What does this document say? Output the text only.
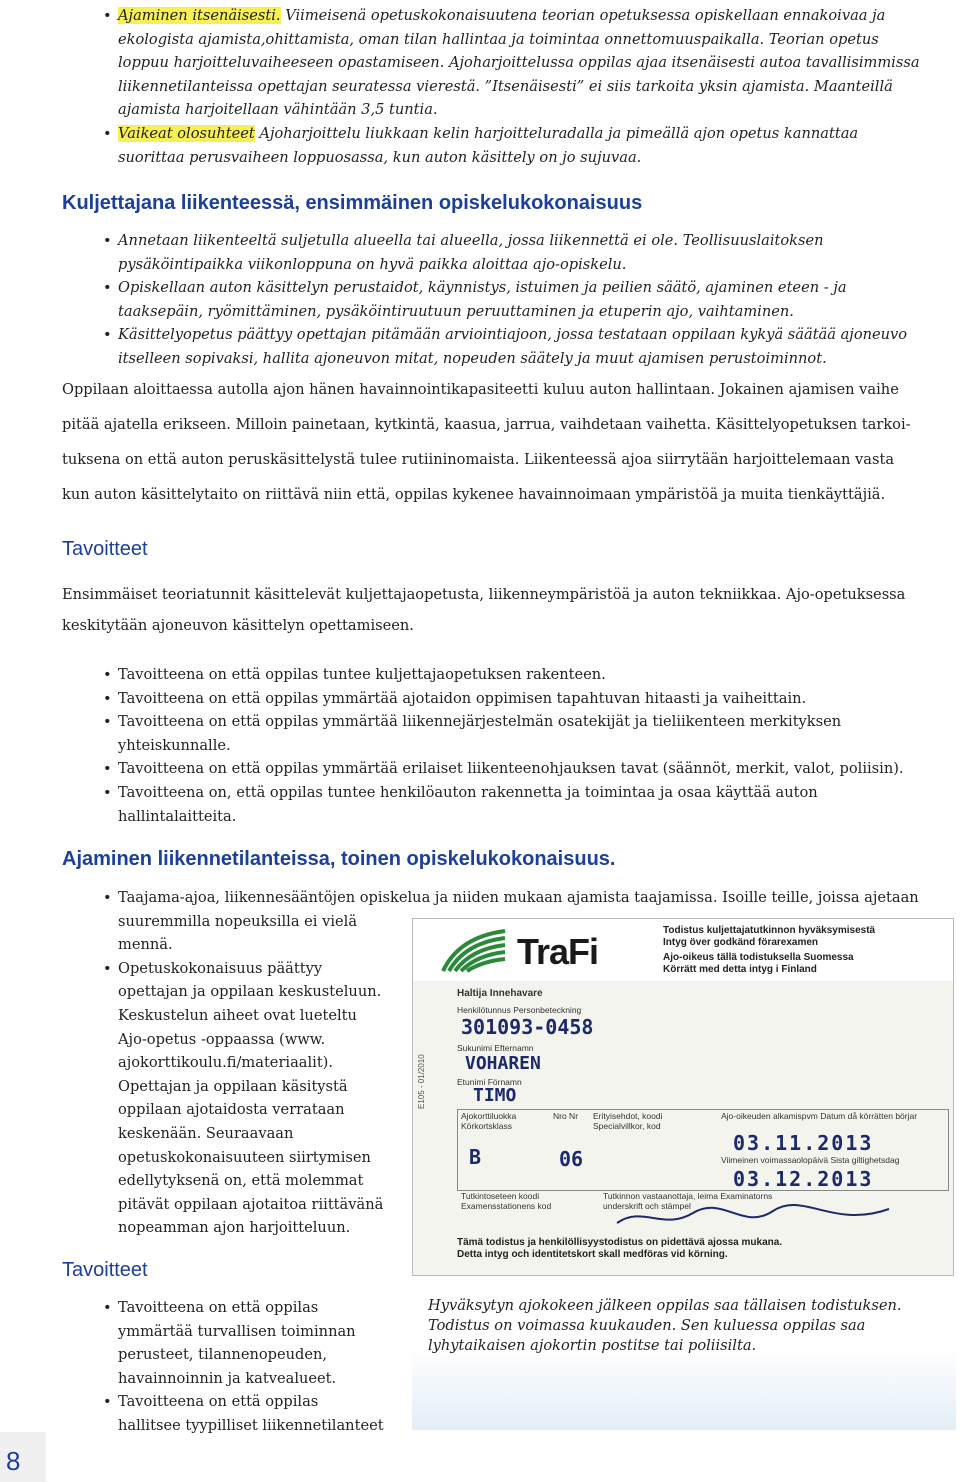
• Ajaminen itsenäisesti. Viimeisenä opetuskokonaisuutena teorian opetuksessa opiskellaan ennakoivaa ja
ekologista ajamista,ohittamista, oman tilan hallintaa ja toimintaa onnettomuuspaikalla. Teorian opetus
loppuu harjoitteluvaiheeseen opastamiseen. Ajoharjoittelussa oppilas ajaa itsenäisesti autoa tavallisimmissa
liikennetilanteissa opettajan seuratessa vierestä. ”Itsenäisesti” ei siis tarkoita yksin ajamista. Maanteillä
ajamista harjoitellaan vähintään 3,5 tuntia.
• Vaikeat olosuhteet Ajoharjoittelu liukkaan kelin harjoitteluradalla ja pimeällä ajon opetus kannattaa
suorittaa perusvaiheen loppuosassa, kun auton käsittely on jo sujuvaa.
Kuljettajana liikenteessä, ensimmäinen opiskelukokonaisuus
• Annetaan liikenteeltä suljetulla alueella tai alueella, jossa liikennettä ei ole. Teollisuuslaitoksen
pysäköintipaikka viikonloppuna on hyvä paikka aloittaa ajo-opiskelu.
• Opiskellaan auton käsittelyn perustaidot, käynnistys, istuimen ja peilien säätö, ajaminen eteen - ja
taaksepäin, ryömittäminen, pysäköintiruutuun peruuttaminen ja etuperin ajo, vaihtaminen.
• Käsittelyopetus päättyy opettajan pitämään arviointiajoon, jossa testataan oppilaan kykyä säätää ajoneuvo
itselleen sopivaksi, hallita ajoneuvon mitat, nopeuden säätely ja muut ajamisen perustoiminnot.
Oppilaan aloittaessa autolla ajon hänen havainnointikapasiteetti kuluu auton hallintaan. Jokainen ajamisen vaihe
pitää ajatella erikseen. Milloin painetaan, kytkintä, kaasua, jarrua, vaihdetaan vaihetta. Käsittelyopetuksen tarkoi-
tuksena on että auton peruskäsittelystä tulee rutiininomaista. Liikenteessä ajoa siirrytään harjoittelemaan vasta
kun auton käsittelytaito on riittävä niin että, oppilas kykenee havainnoimaan ympäristöä ja muita tienkäyttäjiä.
Tavoitteet
Ensimmäiset teoriatunnit käsittelevät kuljettajaopetusta, liikenneympäristöä ja auton tekniikkaa. Ajo-opetuksessa
keskitytään ajoneuvon käsittelyn opettamiseen.
• Tavoitteena on että oppilas tuntee kuljettajaopetuksen rakenteen.
• Tavoitteena on että oppilas ymmärtää ajotaidon oppimisen tapahtuvan hitaasti ja vaiheittain.
• Tavoitteena on että oppilas ymmärtää liikennejärjestelmän osatekijät ja tieliikenteen merkityksen
yhteiskunnalle.
• Tavoitteena on että oppilas ymmärtää erilaiset liikenteenohjauksen tavat (säännöt, merkit, valot, poliisin).
• Tavoitteena on, että oppilas tuntee henkilöauton rakennetta ja toimintaa ja osaa käyttää auton
hallintalaitteita.
Ajaminen liikennetilanteissa, toinen opiskelukokonaisuus.
• Taajama-ajoa, liikennesääntöjen opiskelua ja niiden mukaan ajamista taajamissa. Isoille teille, joissa ajetaan
suuremmilla nopeuksilla ei vielä
mennä.
• Opetuskokonaisuus päättyy
opettajan ja oppilaan keskusteluun.
Keskustelun aiheet ovat lueteltu
Ajo-opetus -oppaassa (www.
ajokorttikoulu.fi/materiaalit).
Opettajan ja oppilaan käsitystä
oppilaan ajotaidosta verrataan
keskenään. Seuraavaan
opetuskokonaisuuteen siirtymisen
edellytyksenä on, että molemmat
pitävät oppilaan ajotaitoa riittävänä
nopeamman ajon harjoitteluun.
Tavoitteet
• Tavoitteena on että oppilas
ymmärtää turvallisen toiminnan
perusteet, tilannenopeuden,
havainnoinnin ja katvealueet.
• Tavoitteena on että oppilas
hallitsee tyypilliset liikennetilanteet
TraFi
Todistus kuljettajatutkinnon hyväksymisestä
Intyg över godkänd förarexamen
Ajo-oikeus tällä todistuksella Suomessa
Körrätt med detta intyg i Finland
E105 - 01/2010
Haltija Innehavare
Henkilötunnus Personbeteckning
301093-0458
Sukunimi Efternamn
VOHAREN
Etunimi Förnamn
TIMO
Ajokorttiluokka Körkortsklass
Nro Nr Erityisehdot, koodi Specialvillkor, kod
Ajo-oikeuden alkamispvm Datum då körrätten börjar
03.11.2013
Viimeinen voimassaolopäivä Sista giltighetsdag
B	06
03.12.2013
Tutkintoseteen koodi Examensstationens kod
Tutkinnon vastaanottaja, leima Examinatorns underskrift och stämpel
Tämä todistus ja henkilöllisyystodistus on pidettävä ajossa mukana.
Detta intyg och identitetskort skall medföras vid körning.
Hyväksytyn ajokokeen jälkeen oppilas saa tällaisen todistuksen.
Todistus on voimassa kuukauden. Sen kuluessa oppilas saa
lyhytaikaisen ajokortin postitse tai poliisilta.
8
